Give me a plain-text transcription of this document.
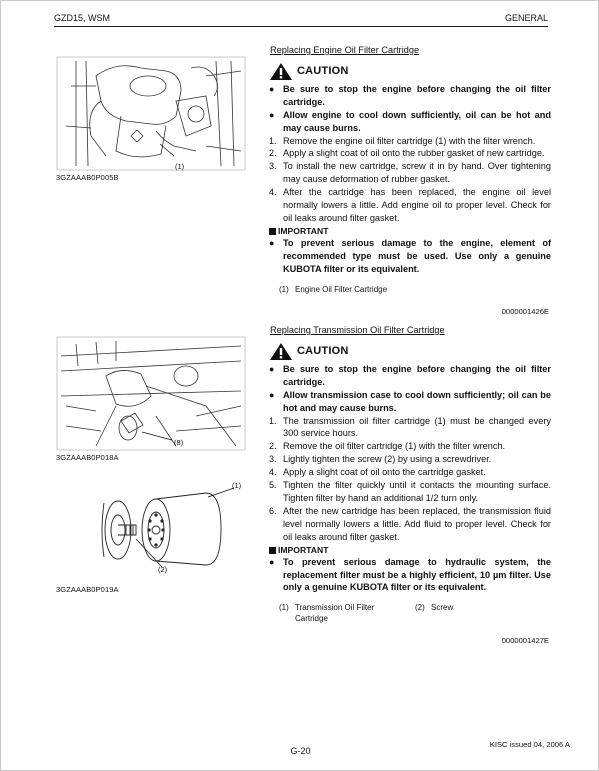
GZD15, WSM	GENERAL
(1)
3GZAAAB0P005B
(8)
3GZAAAB0P018A
(1)
(2)
3GZAAAB0P019A
Replacing Engine Oil Filter Cartridge
CAUTION
● Be sure to stop the engine before changing the oil filter cartridge.
● Allow engine to cool down sufficiently, oil can be hot and may cause burns.
1. Remove the engine oil filter cartridge (1) with the filter wrench.
2. Apply a slight coat of oil onto the rubber gasket of new cartridge.
3. To install the new cartridge, screw it in by hand. Over tightening may cause deformation of rubber gasket.
4. After the cartridge has been replaced, the engine oil level normally lowers a little. Add engine oil to proper level. Check for oil leaks around filter gasket.
IMPORTANT
● To prevent serious damage to the engine, element of recommended type must be used. Use only a genuine KUBOTA filter or its equivalent.
(1) Engine Oil Filter Cartridge
0000001426E
Replacing Transmission Oil Filter Cartridge
CAUTION
● Be sure to stop the engine before changing the oil filter cartridge.
● Allow transmission case to cool down sufficiently; oil can be hot and may cause burns.
1. The transmission oil filter cartridge (1) must be changed every 300 service hours.
2. Remove the oil filter cartridge (1) with the filter wrench.
3. Lightly tighten the screw (2) by using a screwdriver.
4. Apply a slight coat of oil onto the cartridge gasket.
5. Tighten the filter quickly until it contacts the mounting surface. Tighten filter by hand an additional 1/2 turn only.
6. After the new cartridge has been replaced, the transmission fluid level normally lowers a little. Add fluid to proper level. Check for oil leaks around filter gasket.
IMPORTANT
● To prevent serious damage to hydraulic system, the replacement filter must be a highly efficient, 10 µm filter. Use only a genuine KUBOTA filter or its equivalent.
(1) Transmission Oil Filter Cartridge
(2) Screw
0000001427E
KISC issued 04, 2006 A
G-20
